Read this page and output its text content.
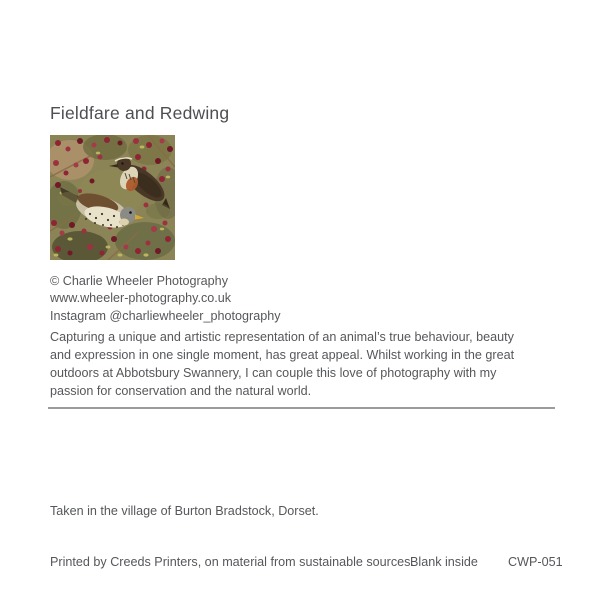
Fieldfare and Redwing
© Charlie Wheeler Photography
www.wheeler-photography.co.uk
Instagram @charliewheeler_photography
Capturing a unique and artistic representation of an animal’s true behaviour, beauty
and expression in one single moment, has great appeal. Whilst working in the great
outdoors at Abbotsbury Swannery, I can couple this love of photography with my
passion for conservation and the natural world.
Taken in the village of Burton Bradstock, Dorset.
Printed by Creeds Printers, on material from sustainable sources.
Blank inside CWP-051
